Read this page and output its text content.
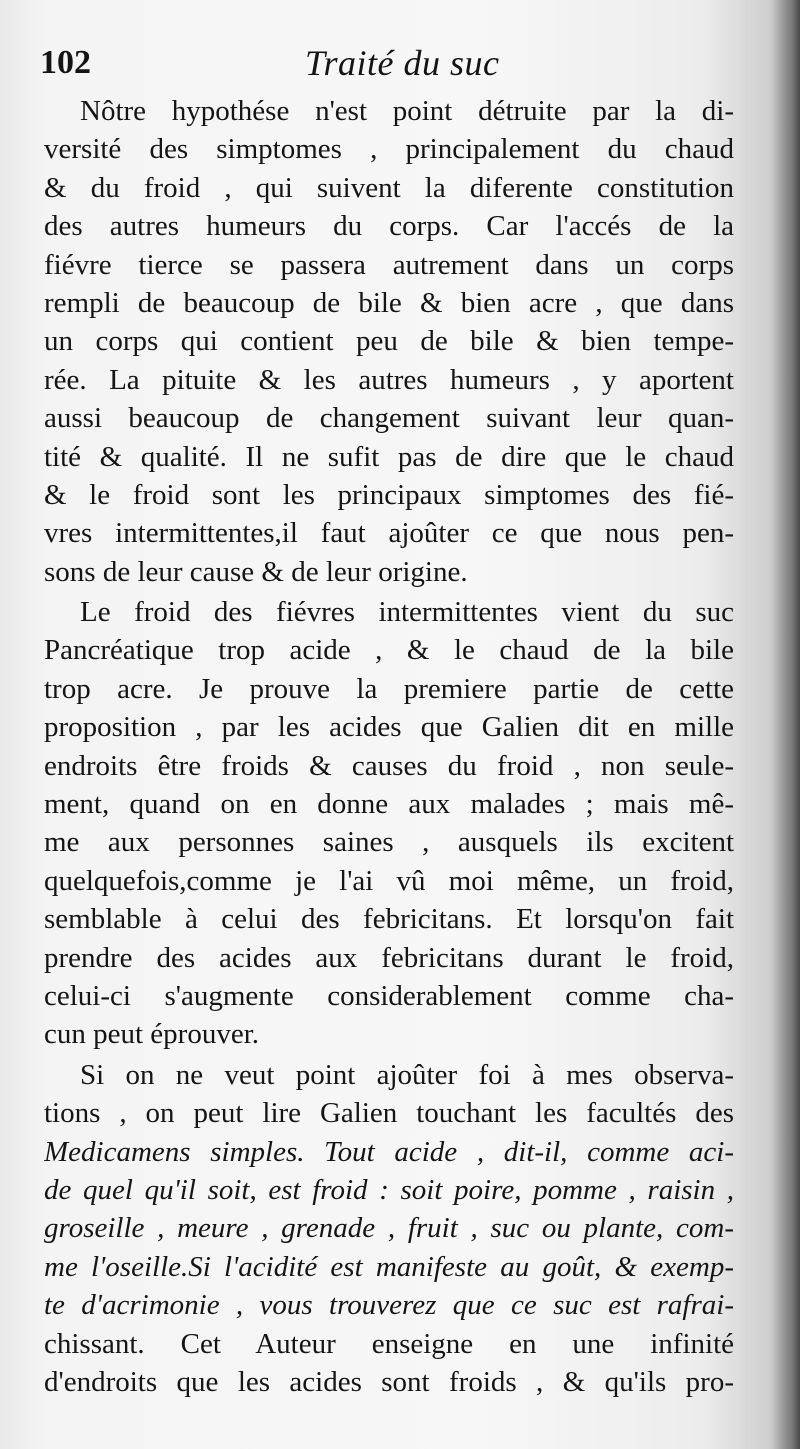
102	Traité du suc
Nôtre hypothése n'est point détruite par la di-
versité des simptomes , principalement du chaud
& du froid , qui suivent la diferente constitution
des autres humeurs du corps. Car l'accés de la
fiévre tierce se passera autrement dans un corps
rempli de beaucoup de bile & bien acre , que dans
un corps qui contient peu de bile & bien tempe-
rée. La pituite & les autres humeurs , y aportent
aussi beaucoup de changement suivant leur quan-
tité & qualité. Il ne sufit pas de dire que le chaud
& le froid sont les principaux simptomes des fié-
vres intermittentes,il faut ajoûter ce que nous pen-
sons de leur cause & de leur origine.
Le froid des fiévres intermittentes vient du suc
Pancréatique trop acide , & le chaud de la bile
trop acre. Je prouve la premiere partie de cette
proposition , par les acides que Galien dit en mille
endroits être froids & causes du froid , non seule-
ment, quand on en donne aux malades ; mais mê-
me aux personnes saines , ausquels ils excitent
quelquefois,comme je l'ai vû moi même, un froid,
semblable à celui des febricitans. Et lorsqu'on fait
prendre des acides aux febricitans durant le froid,
celui-ci s'augmente considerablement comme cha-
cun peut éprouver.
Si on ne veut point ajoûter foi à mes observa-
tions , on peut lire Galien touchant les facultés des
Medicamens simples. Tout acide , dit-il, comme aci-
de quel qu'il soit, est froid : soit poire, pomme , raisin ,
groseille , meure , grenade , fruit , suc ou plante, com-
me l'oseille.Si l'acidité est manifeste au goût, & exemp-
te d'acrimonie , vous trouverez que ce suc est rafrai-
chissant. Cet Auteur enseigne en une infinité
d'endroits que les acides sont froids , & qu'ils pro-
